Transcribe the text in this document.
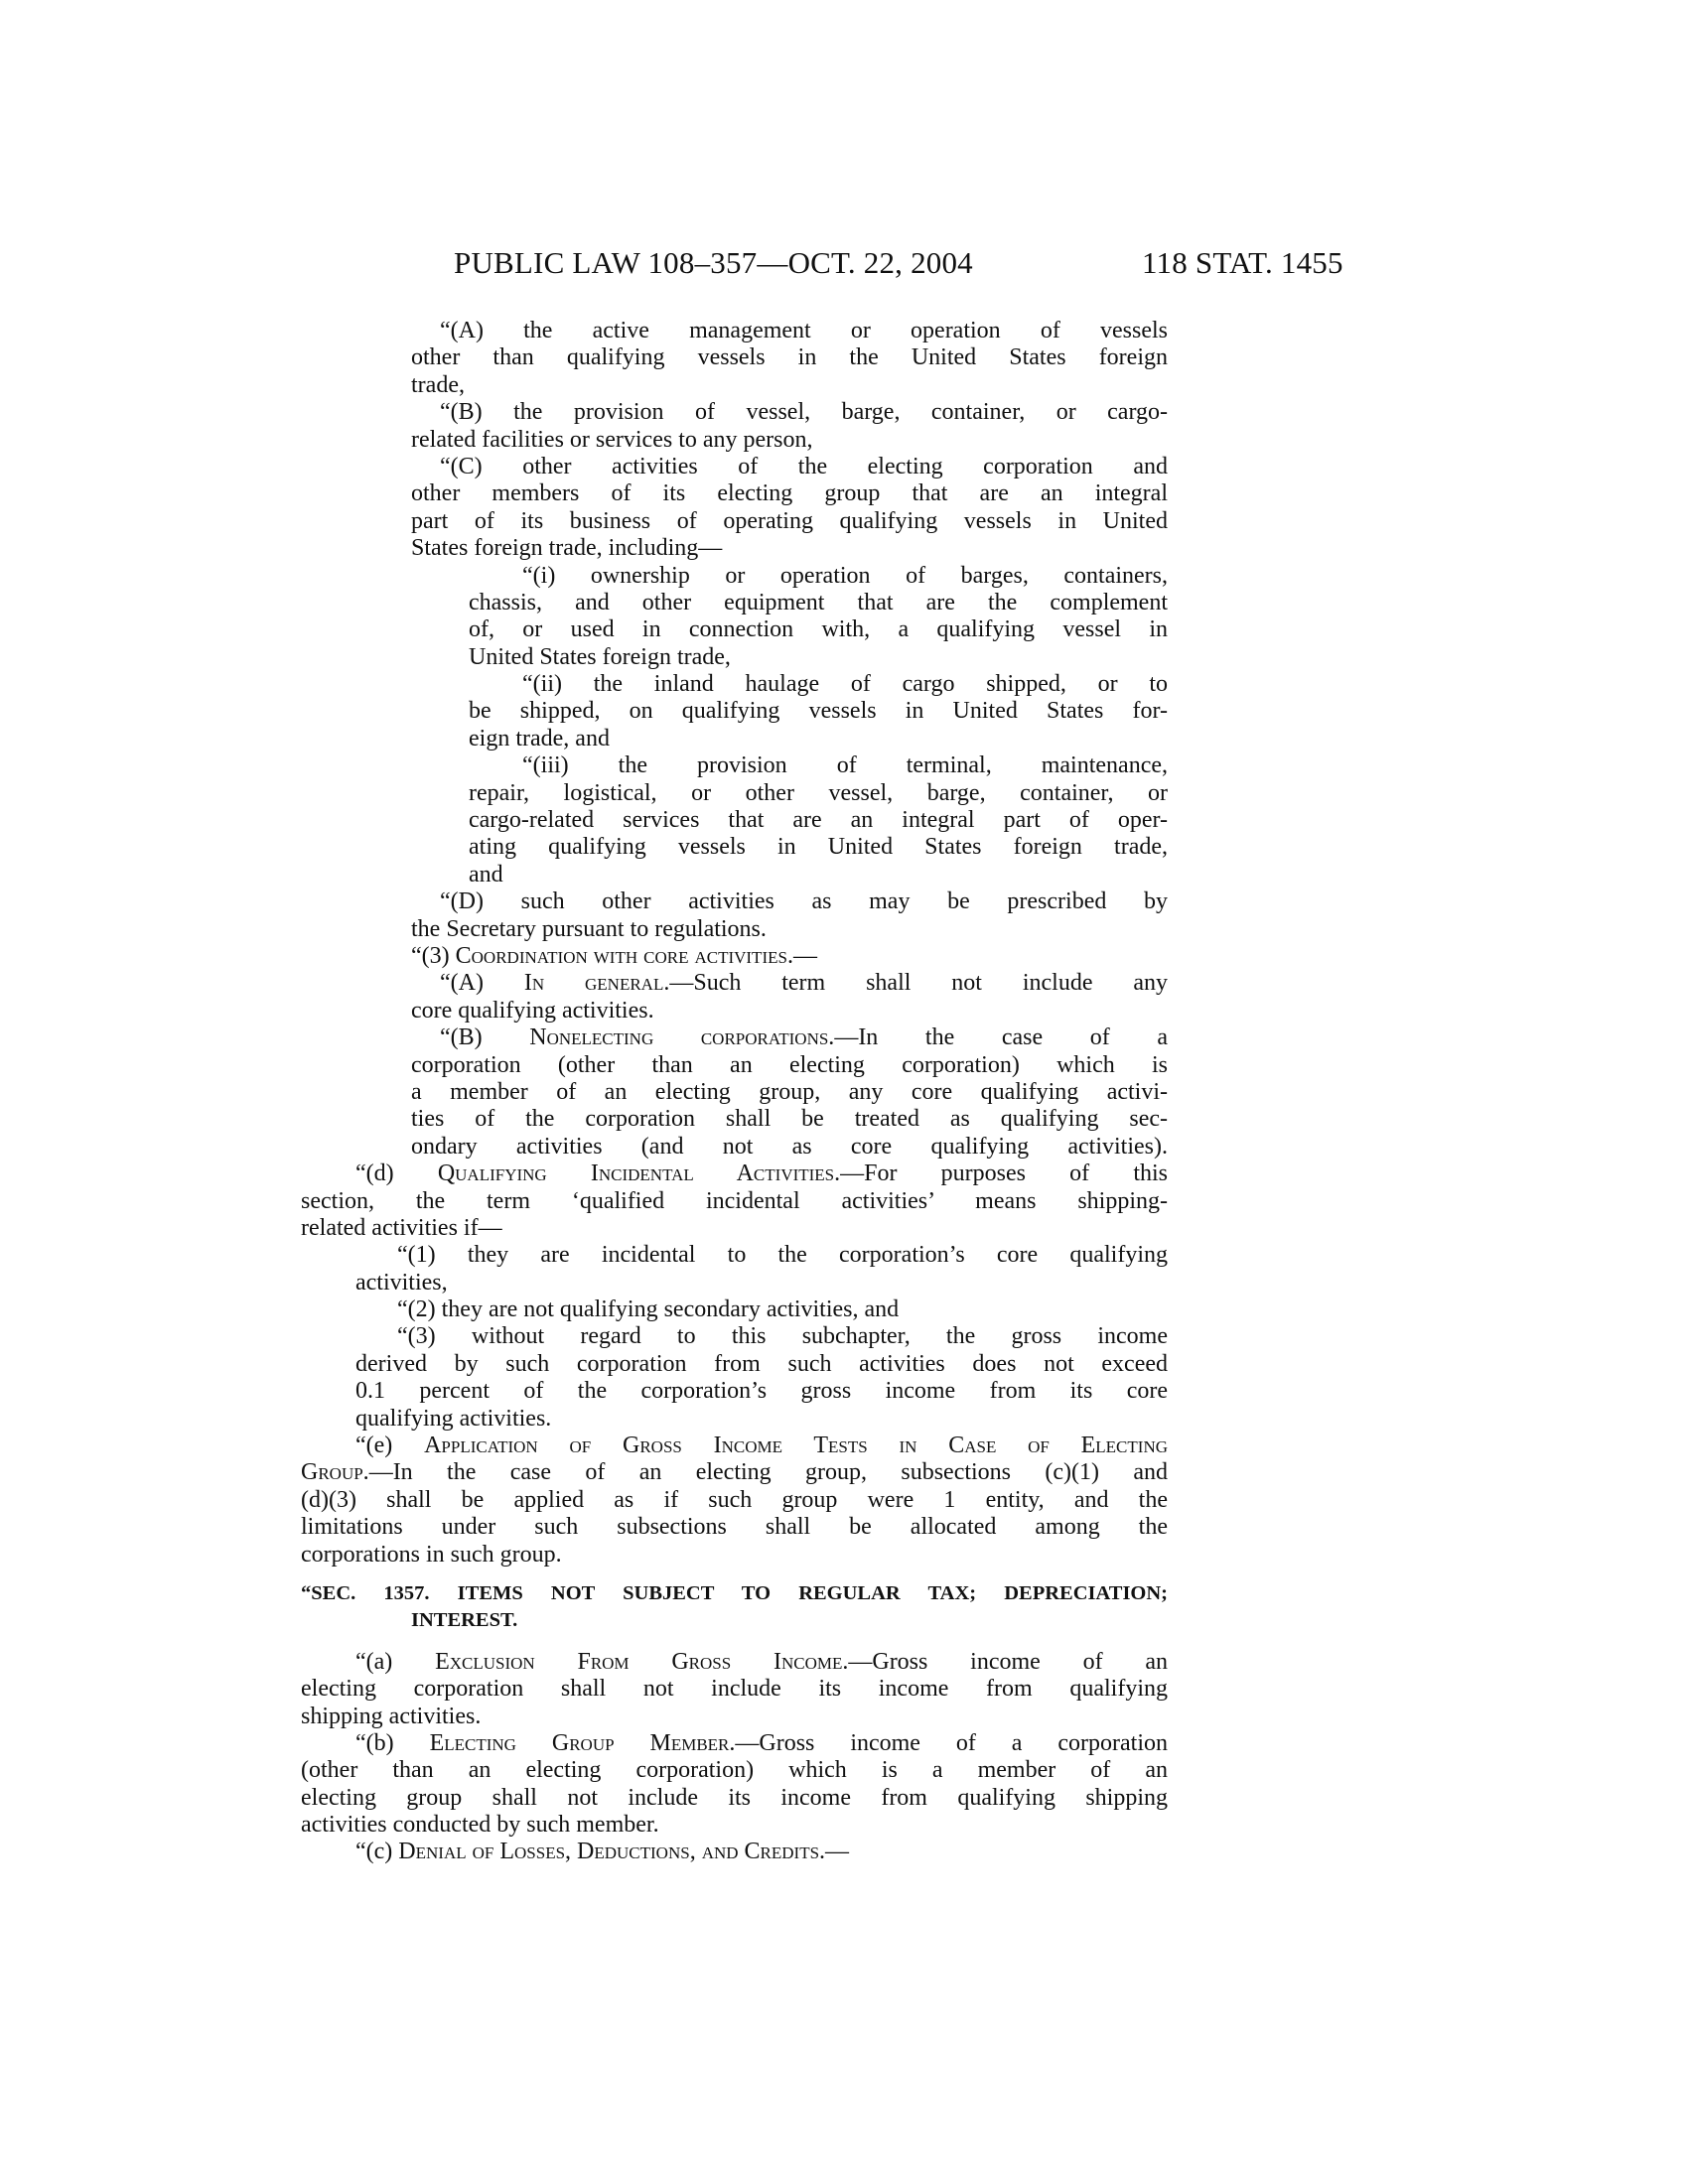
PUBLIC LAW 108–357—OCT. 22, 2004	118 STAT. 1455
“(A) the active management or operation of vessels
other than qualifying vessels in the United States foreign
trade,
“(B) the provision of vessel, barge, container, or cargo-
related facilities or services to any person,
“(C) other activities of the electing corporation and
other members of its electing group that are an integral
part of its business of operating qualifying vessels in United
States foreign trade, including—
“(i) ownership or operation of barges, containers,
chassis, and other equipment that are the complement
of, or used in connection with, a qualifying vessel in
United States foreign trade,
“(ii) the inland haulage of cargo shipped, or to
be shipped, on qualifying vessels in United States for-
eign trade, and
“(iii) the provision of terminal, maintenance,
repair, logistical, or other vessel, barge, container, or
cargo-related services that are an integral part of oper-
ating qualifying vessels in United States foreign trade,
and
“(D) such other activities as may be prescribed by
the Secretary pursuant to regulations.
“(3) Coordination with core activities.—
“(A) In general.—Such term shall not include any
core qualifying activities.
“(B) Nonelecting corporations.—In the case of a
corporation (other than an electing corporation) which is
a member of an electing group, any core qualifying activi-
ties of the corporation shall be treated as qualifying sec-
ondary activities (and not as core qualifying activities).
“(d) Qualifying Incidental Activities.—For purposes of this
section, the term ‘qualified incidental activities’ means shipping-
related activities if—
“(1) they are incidental to the corporation’s core qualifying
activities,
“(2) they are not qualifying secondary activities, and
“(3) without regard to this subchapter, the gross income
derived by such corporation from such activities does not exceed
0.1 percent of the corporation’s gross income from its core
qualifying activities.
“(e) Application of Gross Income Tests in Case of Electing
Group.—In the case of an electing group, subsections (c)(1) and
(d)(3) shall be applied as if such group were 1 entity, and the
limitations under such subsections shall be allocated among the
corporations in such group.
“SEC. 1357. ITEMS NOT SUBJECT TO REGULAR TAX; DEPRECIATION;
INTEREST.
“(a) Exclusion From Gross Income.—Gross income of an
electing corporation shall not include its income from qualifying
shipping activities.
“(b) Electing Group Member.—Gross income of a corporation
(other than an electing corporation) which is a member of an
electing group shall not include its income from qualifying shipping
activities conducted by such member.
“(c) Denial of Losses, Deductions, and Credits.—
